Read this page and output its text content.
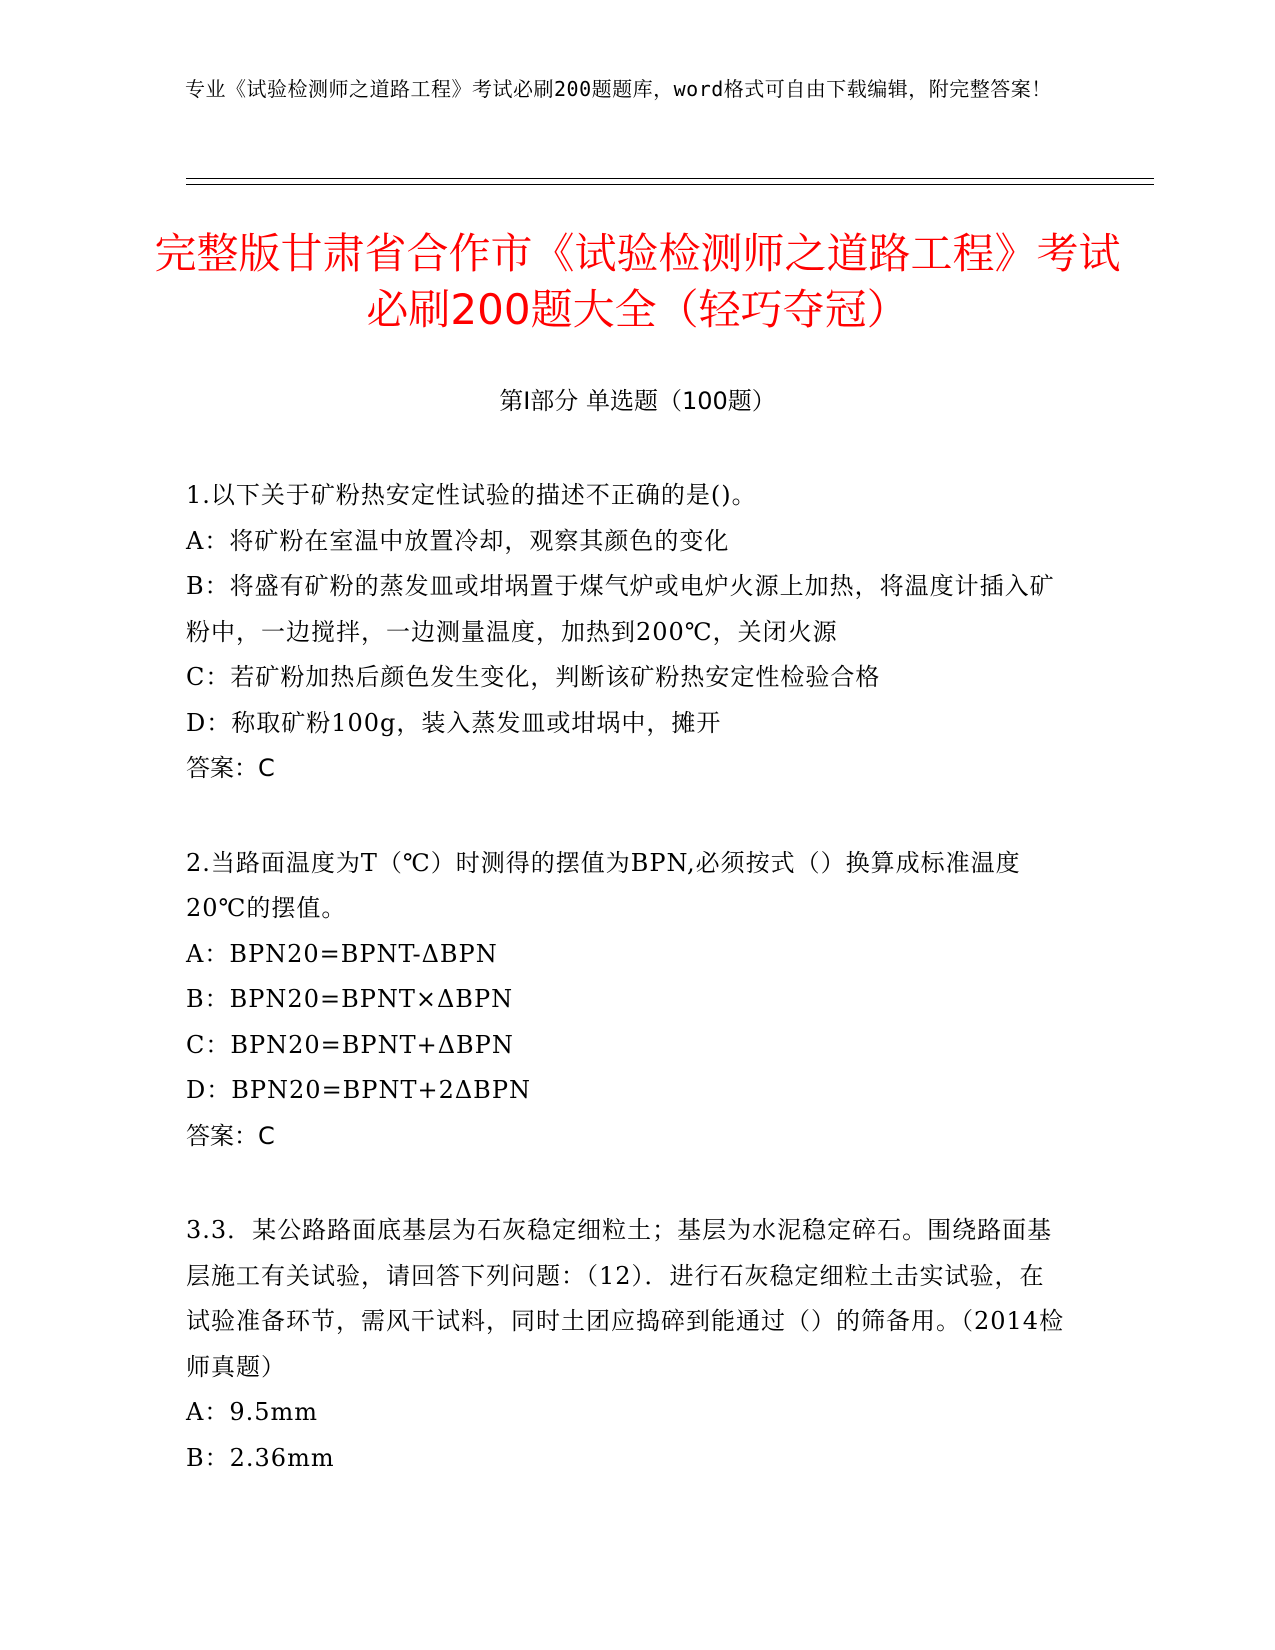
专业《试验检测师之道路工程》考试必刷200题题库，word格式可自由下载编辑，附完整答案！
完整版甘肃省合作市《试验检测师之道路工程》考试必刷200题大全（轻巧夺冠）
第Ⅰ部分 单选题（100题）
1.以下关于矿粉热安定性试验的描述不正确的是()。
A：将矿粉在室温中放置冷却，观察其颜色的变化
B：将盛有矿粉的蒸发皿或坩埚置于煤气炉或电炉火源上加热，将温度计插入矿粉中，一边搅拌，一边测量温度，加热到200℃，关闭火源
C：若矿粉加热后颜色发生变化，判断该矿粉热安定性检验合格
D：称取矿粉100g，装入蒸发皿或坩埚中，摊开
答案：C
2.当路面温度为T（℃）时测得的摆值为BPN,必须按式（）换算成标准温度20℃的摆值。
A：BPN20=BPNT-ΔBPN
B：BPN20=BPNT×ΔBPN
C：BPN20=BPNT+ΔBPN
D：BPN20=BPNT+2ΔBPN
答案：C
3.3．某公路路面底基层为石灰稳定细粒土；基层为水泥稳定碎石。围绕路面基层施工有关试验，请回答下列问题：（12）．进行石灰稳定细粒土击实试验，在试验准备环节，需风干试料，同时土团应捣碎到能通过（）的筛备用。（2014检师真题）
A：9.5mm
B：2.36mm
